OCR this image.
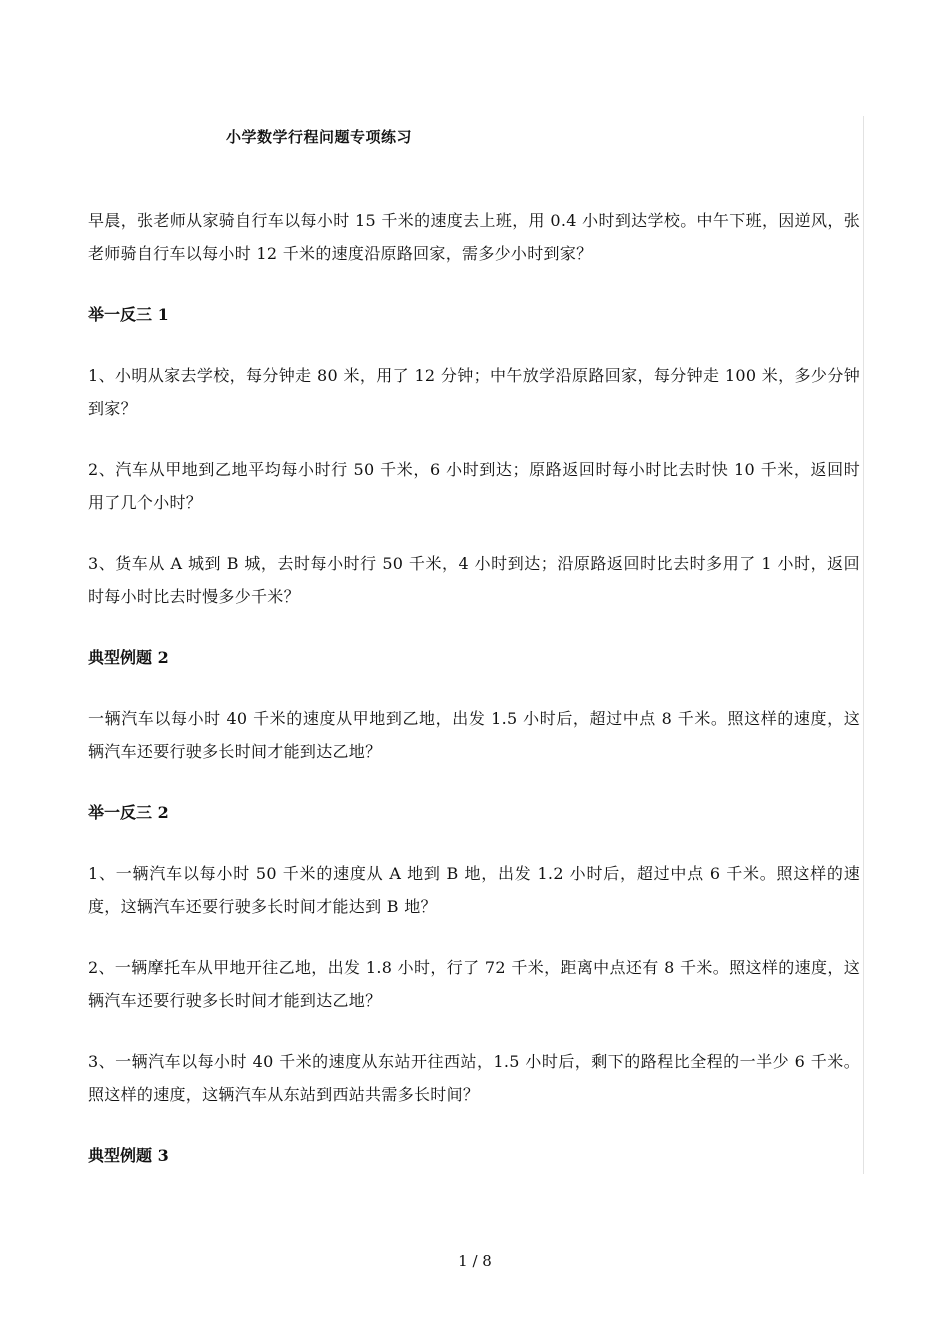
小学数学行程问题专项练习
早晨，张老师从家骑自行车以每小时 15 千米的速度去上班，用 0.4 小时到达学校。中午下班，因逆风，张老师骑自行车以每小时 12 千米的速度沿原路回家，需多少小时到家？
举一反三 1
1、小明从家去学校，每分钟走 80 米，用了 12 分钟；中午放学沿原路回家，每分钟走 100 米，多少分钟到家？
2、汽车从甲地到乙地平均每小时行 50 千米，6 小时到达；原路返回时每小时比去时快 10 千米，返回时用了几个小时？
3、货车从 A 城到 B 城，去时每小时行 50 千米，4 小时到达；沿原路返回时比去时多用了 1 小时，返回时每小时比去时慢多少千米？
典型例题 2
一辆汽车以每小时 40 千米的速度从甲地到乙地，出发 1.5 小时后，超过中点 8 千米。照这样的速度，这辆汽车还要行驶多长时间才能到达乙地？
举一反三 2
1、一辆汽车以每小时 50 千米的速度从 A 地到 B 地，出发 1.2 小时后，超过中点 6 千米。照这样的速度，这辆汽车还要行驶多长时间才能达到 B 地？
2、一辆摩托车从甲地开往乙地，出发 1.8 小时，行了 72 千米，距离中点还有 8 千米。照这样的速度，这辆汽车还要行驶多长时间才能到达乙地？
3、一辆汽车以每小时 40 千米的速度从东站开往西站，1.5 小时后，剩下的路程比全程的一半少 6 千米。照这样的速度，这辆汽车从东站到西站共需多长时间？
典型例题 3
1 / 8
